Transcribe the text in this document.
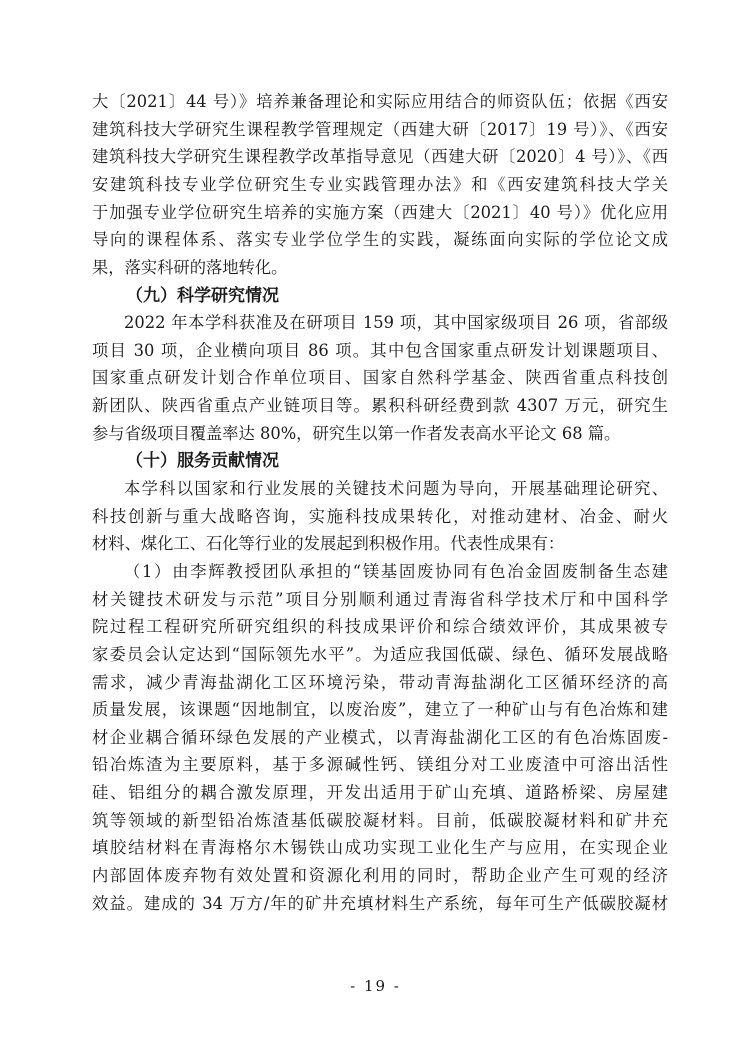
大〔2021〕44 号）》培养兼备理论和实际应用结合的师资队伍；依据《西安
建筑科技大学研究生课程教学管理规定（西建大研〔2017〕19 号）》、《西安
建筑科技大学研究生课程教学改革指导意见（西建大研〔2020〕4 号）》、《西
安建筑科技专业学位研究生专业实践管理办法》和《西安建筑科技大学关
于加强专业学位研究生培养的实施方案（西建大〔2021〕40 号）》优化应用
导向的课程体系、落实专业学位学生的实践，凝练面向实际的学位论文成
果，落实科研的落地转化。
（九）科学研究情况
2022 年本学科获准及在研项目 159 项，其中国家级项目 26 项，省部级
项目 30 项，企业横向项目 86 项。其中包含国家重点研发计划课题项目、
国家重点研发计划合作单位项目、国家自然科学基金、陕西省重点科技创
新团队、陕西省重点产业链项目等。累积科研经费到款 4307 万元，研究生
参与省级项目覆盖率达 80%，研究生以第一作者发表高水平论文 68 篇。
（十）服务贡献情况
本学科以国家和行业发展的关键技术问题为导向，开展基础理论研究、
科技创新与重大战略咨询，实施科技成果转化，对推动建材、冶金、耐火
材料、煤化工、石化等行业的发展起到积极作用。代表性成果有：
（1）由李辉教授团队承担的“镁基固废协同有色冶金固废制备生态建
材关键技术研发与示范”项目分别顺利通过青海省科学技术厅和中国科学
院过程工程研究所研究组织的科技成果评价和综合绩效评价，其成果被专
家委员会认定达到“国际领先水平”。为适应我国低碳、绿色、循环发展战略
需求，减少青海盐湖化工区环境污染，带动青海盐湖化工区循环经济的高
质量发展，该课题“因地制宜，以废治废”，建立了一种矿山与有色冶炼和建
材企业耦合循环绿色发展的产业模式，以青海盐湖化工区的有色冶炼固废-
铅冶炼渣为主要原料，基于多源碱性钙、镁组分对工业废渣中可溶出活性
硅、铝组分的耦合激发原理，开发出适用于矿山充填、道路桥梁、房屋建
筑等领域的新型铅冶炼渣基低碳胶凝材料。目前，低碳胶凝材料和矿井充
填胶结材料在青海格尔木锡铁山成功实现工业化生产与应用，在实现企业
内部固体废弃物有效处置和资源化利用的同时，帮助企业产生可观的经济
效益。建成的 34 万方/年的矿井充填材料生产系统，每年可生产低碳胶凝材
- 19 -
